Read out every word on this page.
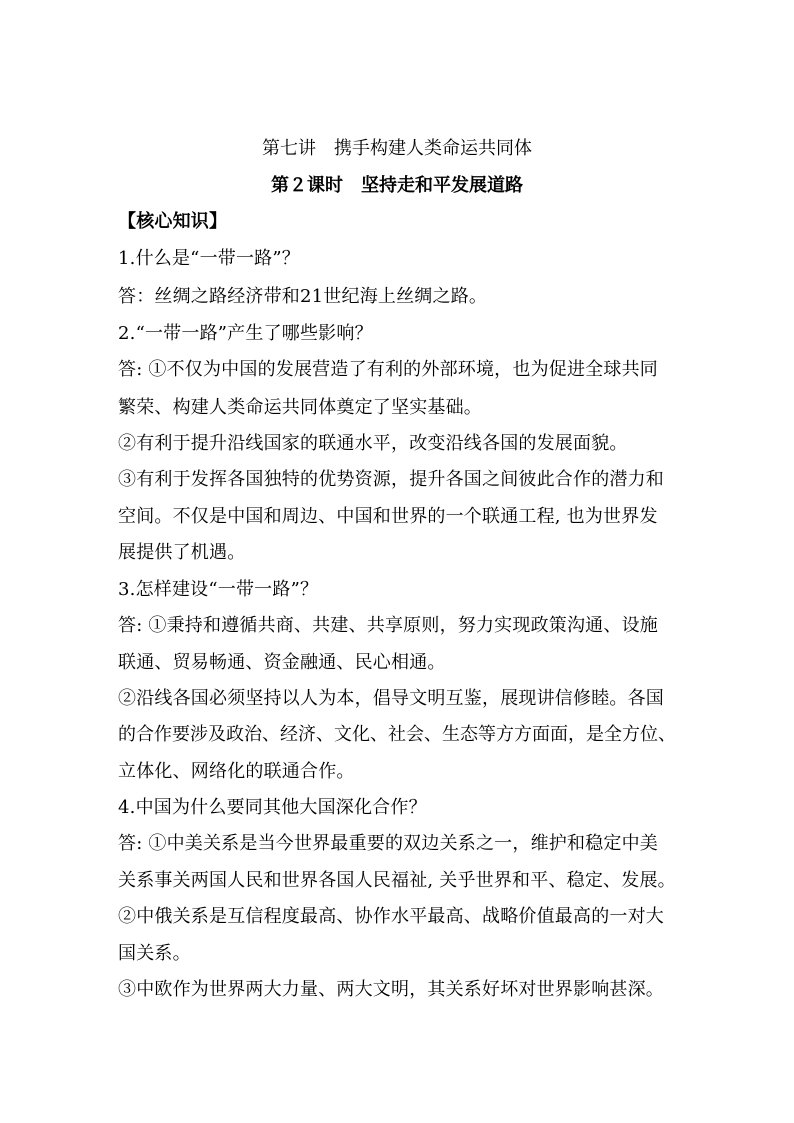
第七讲　携手构建人类命运共同体
第２课时　坚持走和平发展道路
【核心知识】
1.什么是“一带一路”？
答：丝绸之路经济带和21世纪海上丝绸之路。
2.“一带一路”产生了哪些影响？
答: ①不仅为中国的发展营造了有利的外部环境，也为促进全球共同
繁荣、构建人类命运共同体奠定了坚实基础。
②有利于提升沿线国家的联通水平，改变沿线各国的发展面貌。
③有利于发挥各国独特的优势资源，提升各国之间彼此合作的潜力和
空间。不仅是中国和周边、中国和世界的一个联通工程, 也为世界发
展提供了机遇。
3.怎样建设“一带一路”？
答: ①秉持和遵循共商、共建、共享原则，努力实现政策沟通、设施
联通、贸易畅通、资金融通、民心相通。
②沿线各国必须坚持以人为本，倡导文明互鉴，展现讲信修睦。各国
的合作要涉及政治、经济、文化、社会、生态等方方面面，是全方位、
立体化、网络化的联通合作。
4.中国为什么要同其他大国深化合作？
答: ①中美关系是当今世界最重要的双边关系之一，维护和稳定中美
关系事关两国人民和世界各国人民福祉, 关乎世界和平、稳定、发展。
②中俄关系是互信程度最高、协作水平最高、战略价值最高的一对大
国关系。
③中欧作为世界两大力量、两大文明，其关系好坏对世界影响甚深。
